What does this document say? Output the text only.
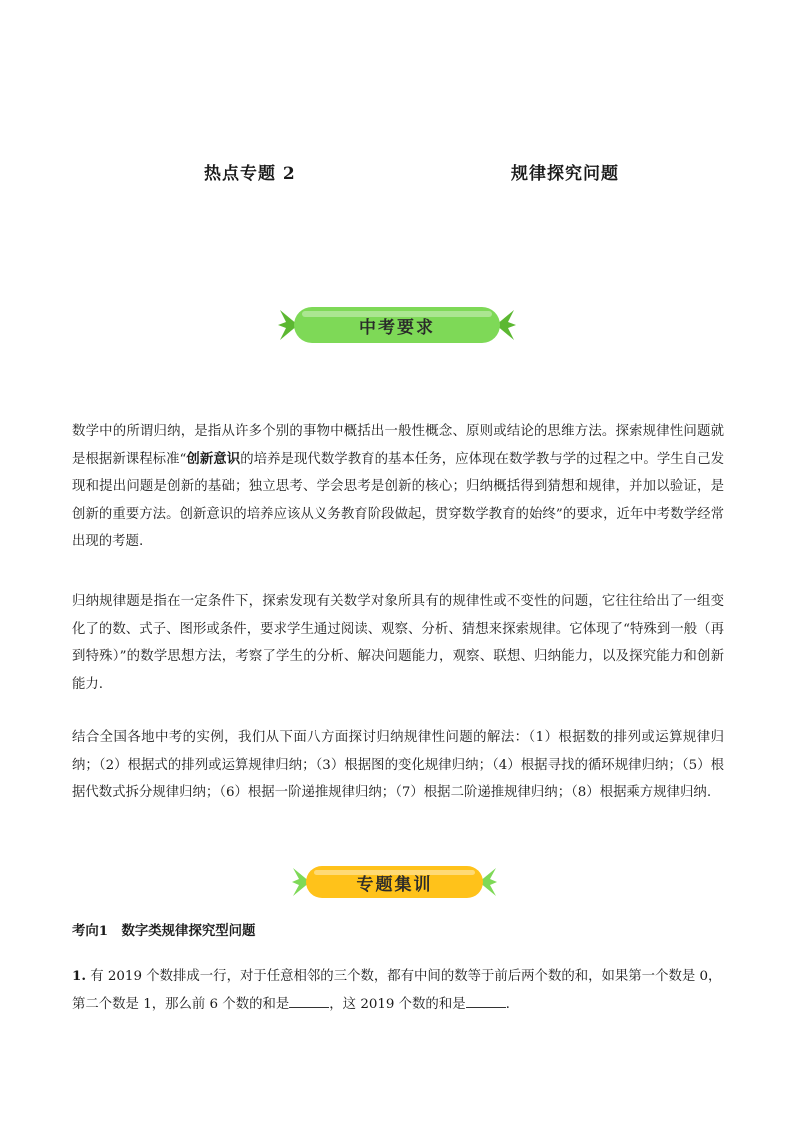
热点专题 2	规律探究问题
中考要求
数学中的所谓归纳，是指从许多个别的事物中概括出一般性概念、原则或结论的思维方法。探索规律性问题就是根据新课程标准“创新意识的培养是现代数学教育的基本任务，应体现在数学教与学的过程之中。学生自己发现和提出问题是创新的基础；独立思考、学会思考是创新的核心；归纳概括得到猜想和规律，并加以验证，是创新的重要方法。创新意识的培养应该从义务教育阶段做起，贯穿数学教育的始终”的要求，近年中考数学经常出现的考题.
归纳规律题是指在一定条件下，探索发现有关数学对象所具有的规律性或不变性的问题，它往往给出了一组变化了的数、式子、图形或条件，要求学生通过阅读、观察、分析、猜想来探索规律。它体现了“特殊到一般（再到特殊）”的数学思想方法，考察了学生的分析、解决问题能力，观察、联想、归纳能力，以及探究能力和创新能力.
结合全国各地中考的实例，我们从下面八方面探讨归纳规律性问题的解法：（1）根据数的排列或运算规律归纳；（2）根据式的排列或运算规律归纳；（3）根据图的变化规律归纳；（4）根据寻找的循环规律归纳；（5）根据代数式拆分规律归纳；（6）根据一阶递推规律归纳；（7）根据二阶递推规律归纳；（8）根据乘方规律归纳.
专题集训
考向1　数字类规律探究型问题
1. 有 2019 个数排成一行，对于任意相邻的三个数，都有中间的数等于前后两个数的和，如果第一个数是 0，第二个数是 1，那么前 6 个数的和是	，这 2019 个数的和是	.
